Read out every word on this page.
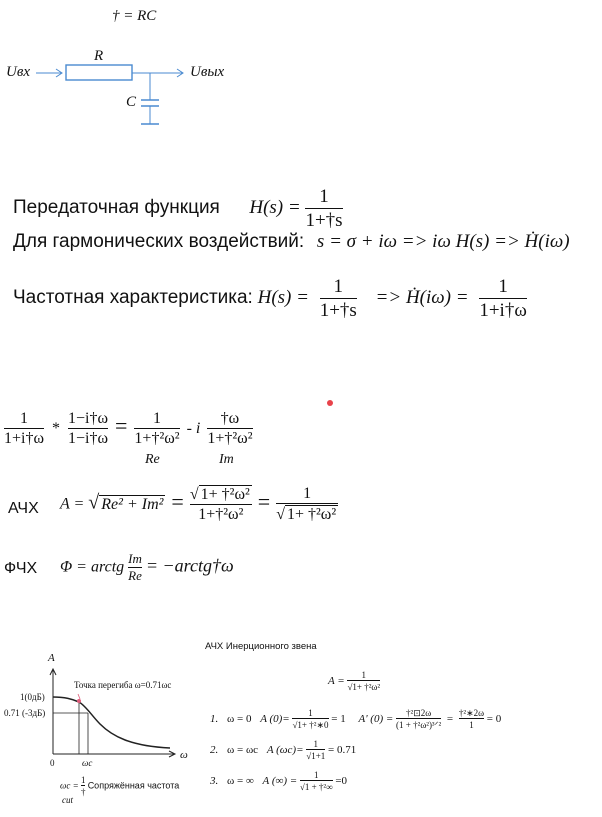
† = RC
Uвх
R
Uвых
C
Передаточная функция $H(s) = \frac{1}{1+\dagger s}$
Для гармонических воздействий: s = σ + iω => iω H(s) => Ḣ(iω)
Частотная характеристика: $H(s) = \frac{1}{1+\dagger s}$ => Ḣ(iω) = $\frac{1}{1+i\dagger\omega}$
$\frac{1}{1+i\dagger\omega} * \frac{1-i\dagger\omega}{1-i\dagger\omega} = \frac{1}{\text{1+†²ω²}} - i \frac{\dagger\omega}{\text{1+†²ω²}}$
Re	Im
АЧХ A = √ $Re^2 + Im^2 = \frac{\text{√ 1+ †²ω²}}{\text{1+†²ω²}} = \frac{1}{\text{√ 1+ †²ω²}}$
ФЧХ Φ = arctg $\frac{Im}{Re}$ = −arctg†ω
АЧХ Инерционного звена
A
ω
1(0дБ)
0.71 (-3дБ)
0	ωc
Точка перегиба ω=0.71ωc
$\omega c = \frac{1}{\dagger}$ Сопряжённая частота
cut
$A = \frac{1}{\text{√1+ †²ω²}}$
1. ω = 0 A $(0)= \frac{1}{\text{√1+ †²∗0}} = 1$ A' $(0) = \frac{\text{†²⊡2ω}}{\text{(1 + †²ω²)³ᐟ²}} = \frac{\text{†²∗2ω}}{1} = 0$
2. ω = ωc A $(\omega c)= \frac{1}{√1+1} = 0.71$
3. ω = ∞ A (∞) = $\frac{1}{\text{√1 + †²∞}} =0$
